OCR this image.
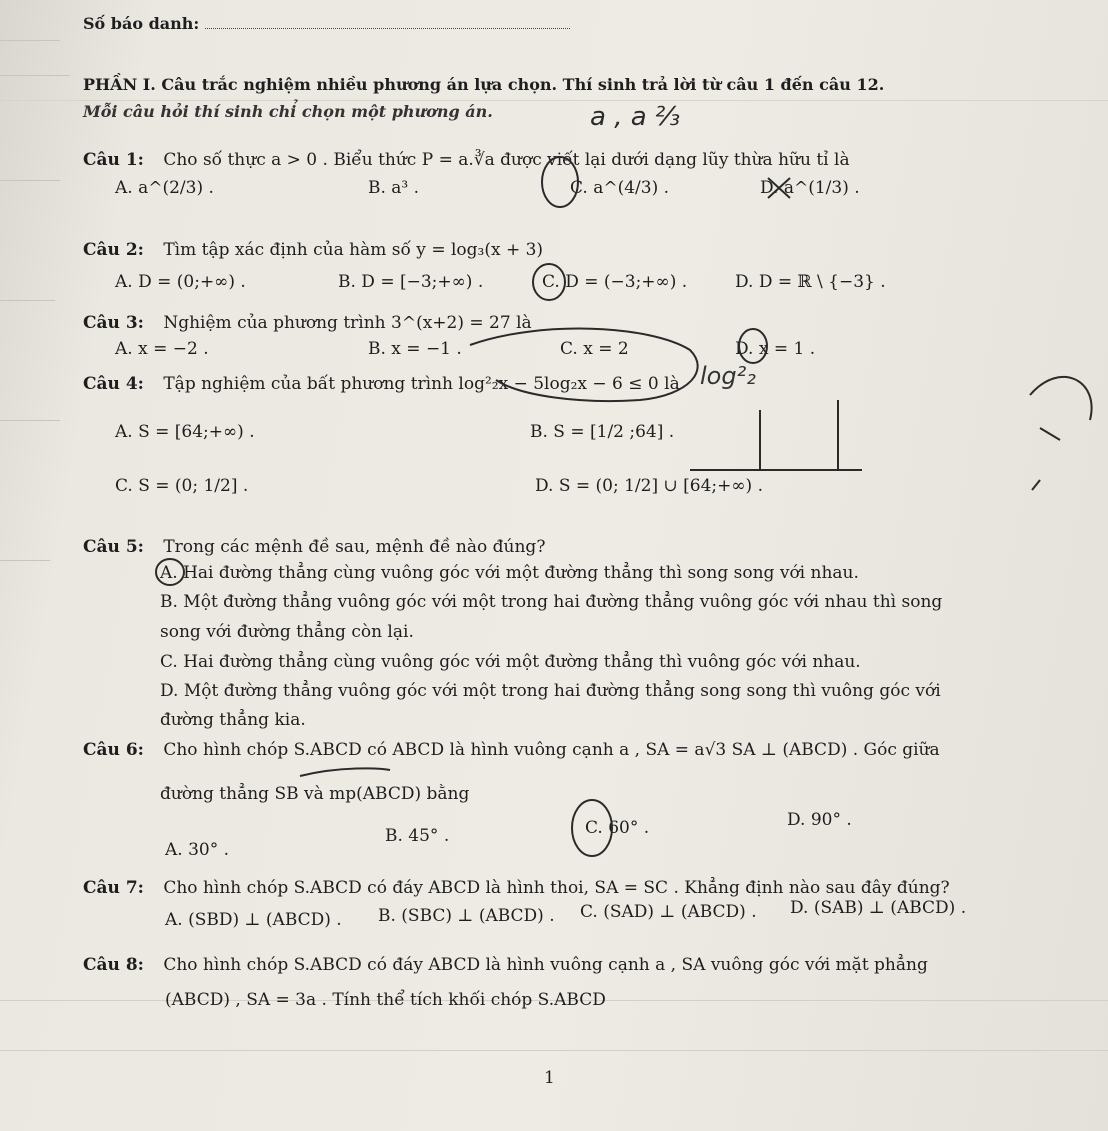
Số báo danh:
PHẦN I. Câu trắc nghiệm nhiều phương án lựa chọn. Thí sinh trả lời từ câu 1 đến câu 12.
Mỗi câu hỏi thí sinh chỉ chọn một phương án.	a , a ⅔
Câu 1: Cho số thực a > 0 . Biểu thức P = a.∛a được viết lại dưới dạng lũy thừa hữu tỉ là
A. a^(2/3) .	B. a³ .	C. a^(4/3) .	D. a^(1/3) .
Câu 2: Tìm tập xác định của hàm số y = log₃(x + 3)
A. D = (0;+∞) .	B. D = [−3;+∞) .	C. D = (−3;+∞) .	D. D = ℝ \ {−3} .
Câu 3: Nghiệm của phương trình 3^(x+2) = 27 là
A. x = −2 .	B. x = −1 .	C. x = 2	D. x = 1 .
Câu 4: Tập nghiệm của bất phương trình log²₂x − 5log₂x − 6 ≤ 0 là log²₂
A. S = [64;+∞) .	B. S = [1/2 ;64] .
C. S = (0; 1/2] .	D. S = (0; 1/2] ∪ [64;+∞) .
Câu 5: Trong các mệnh đề sau, mệnh đề nào đúng?
A. Hai đường thẳng cùng vuông góc với một đường thẳng thì song song với nhau.
B. Một đường thẳng vuông góc với một trong hai đường thẳng vuông góc với nhau thì song
song với đường thẳng còn lại.
C. Hai đường thẳng cùng vuông góc với một đường thẳng thì vuông góc với nhau.
D. Một đường thẳng vuông góc với một trong hai đường thẳng song song thì vuông góc với
đường thẳng kia.
Câu 6: Cho hình chóp S.ABCD có ABCD là hình vuông cạnh a , SA = a√3 SA ⊥ (ABCD) . Góc giữa
đường thẳng SB và mp(ABCD) bằng
A. 30° .
B. 45° .	C. 60° .	D. 90° .
Câu 7: Cho hình chóp S.ABCD có đáy ABCD là hình thoi, SA = SC . Khẳng định nào sau đây đúng?
A. (SBD) ⊥ (ABCD) . B. (SBC) ⊥ (ABCD) . C. (SAD) ⊥ (ABCD) . D. (SAB) ⊥ (ABCD) .
Câu 8: Cho hình chóp S.ABCD có đáy ABCD là hình vuông cạnh a , SA vuông góc với mặt phẳng
(ABCD) , SA = 3a . Tính thể tích khối chóp S.ABCD
1
